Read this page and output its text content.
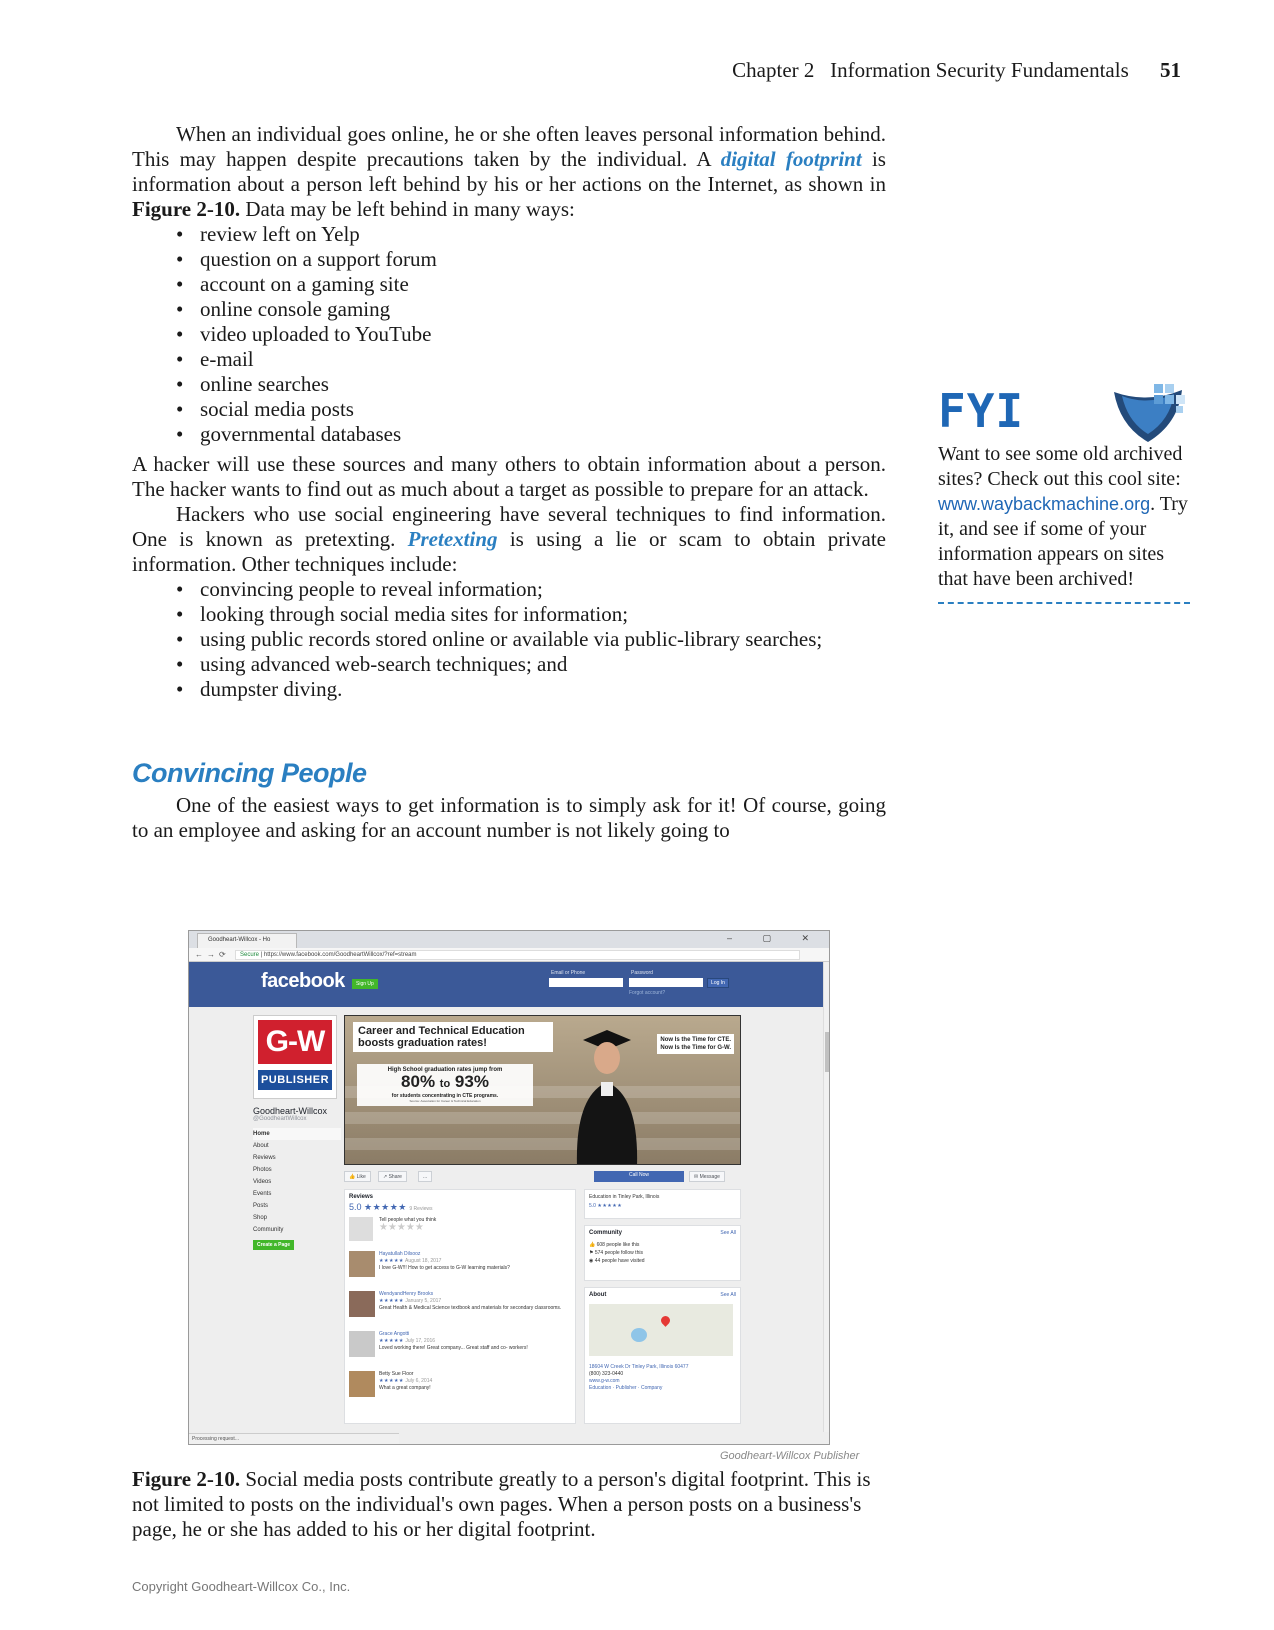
Chapter 2 Information Security Fundamentals 51

When an individual goes online, he or she often leaves personal information behind. This may happen despite precautions taken by the individual. A digital footprint is information about a person left behind by his or her actions on the Internet, as shown in Figure 2-10. Data may be left behind in many ways:

• review left on Yelp
• question on a support forum
• account on a gaming site
• online console gaming
• video uploaded to YouTube
• e-mail
• online searches
• social media posts
• governmental databases

A hacker will use these sources and many others to obtain information about a person. The hacker wants to find out as much about a target as possible to prepare for an attack.

Hackers who use social engineering have several techniques to find information. One is known as pretexting. Pretexting is using a lie or scam to obtain private information. Other techniques include:

• convincing people to reveal information;
• looking through social media sites for information;
• using public records stored online or available via public-library searches;
• using advanced web-search techniques; and
• dumpster diving.
Convincing People

One of the easiest ways to get information is to simply ask for it! Of course, going to an employee and asking for an account number is not likely going to

FYI
Want to see some old archived sites? Check out this cool site: www.waybackmachine.org. Try it, and see if some of your information appears on sites that have been archived!
Goodheart-Willcox - Ho	– ▢ ✕
←→⟳	Secure | https://www.facebook.com/GoodheartWillcox/?ref=stream
facebook	Sign Up
Email or Phone	Password
Log In
Forgot account?
G-W
PUBLISHER
Goodheart-Willcox
@GoodheartWillcox
Home
About
Reviews
Photos
Videos
Events
Posts
Shop
Community
Create a Page
Career and Technical Education boosts graduation rates!
High School graduation rates jump from
80% to 93%
for students concentrating in CTE programs.
Source: Association for Career & Technical Education
Now Is the Time for CTE.
Now Is the Time for G-W.
👍 Like	↗ Share	...	Call Now	✉ Message
Reviews
5.0 ★★★★★ 9 Reviews
Tell people what you think
★★★★★
Hayatullah Dilsooz
★★★★★ August 18, 2017
I love G-W!!! How to get access to G-W learning materials?
WendyandHenry Brooks
★★★★★ January 5, 2017
Great Health & Medical Science textbook and materials for secondary classrooms.
Grace Angotti
★★★★★ July 17, 2016
Loved working there! Great company... Great staff and co- workers!
Betty Sue Floor
★★★★★ July 6, 2014
What a great company!
Education in Tinley Park, Illinois
5.0 ★★★★★
Community	See All
👍 608 people like this
⚑ 574 people follow this
◉ 44 people have visited
About	See All
18604 W Creek Dr Tinley Park, Illinois 60477
(800) 323-0440
www.g-w.com
Education · Publisher · Company
Processing request...
Goodheart-Willcox Publisher

Figure 2-10. Social media posts contribute greatly to a person's digital footprint. This is not limited to posts on the individual's own pages. When a person posts on a business's page, he or she has added to his or her digital footprint.

Copyright Goodheart-Willcox Co., Inc.
